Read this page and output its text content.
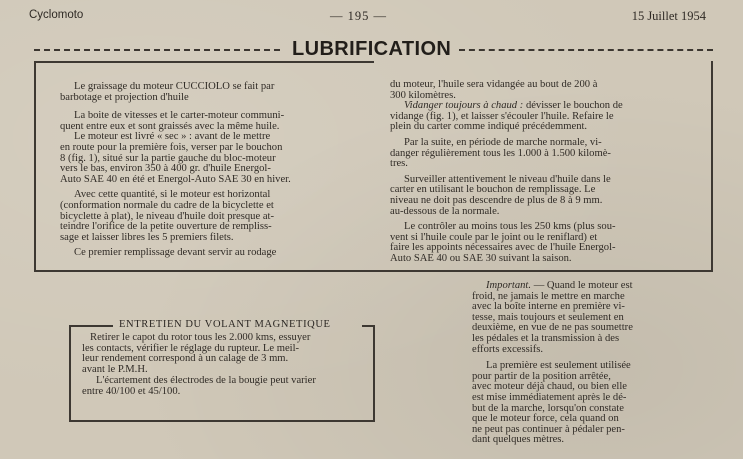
Cyclomoto	— 195 —	15 Juillet 1954
LUBRIFICATION

Le graissage du moteur CUCCIOLO se fait par
barbotage et projection d'huile

La boite de vitesses et le carter-moteur communi-
quent entre eux et sont graissés avec la même huile.

Le moteur est livré « sec » : avant de le mettre
en route pour la première fois, verser par le bouchon
8 (fig. 1), situé sur la partie gauche du bloc-moteur
vers le bas, environ 350 à 400 gr. d'huile Energol-
Auto SAE 40 en été et Energol-Auto SAE 30 en hiver.

Avec cette quantité, si le moteur est horizontal
(conformation normale du cadre de la bicyclette et
bicyclette à plat), le niveau d'huile doit presque at-
teindre l'orifice de la petite ouverture de rempliss-
sage et laisser libres les 5 premiers filets.

Ce premier remplissage devant servir au rodage

du moteur, l'huile sera vidangée au bout de 200 à
300 kilomètres.

Vidanger toujours à chaud : dévisser le bouchon de
vidange (fig. 1), et laisser s'écouler l'huile. Refaire le
plein du carter comme indiqué précédemment.

Par la suite, en période de marche normale, vi-
danger régulièrement tous les 1.000 à 1.500 kilomè-
tres.

Surveiller attentivement le niveau d'huile dans le
carter en utilisant le bouchon de remplissage. Le
niveau ne doit pas descendre de plus de 8 à 9 mm.
au-dessous de la normale.

Le contrôler au moins tous les 250 kms (plus sou-
vent si l'huile coule par le joint ou le reniflard) et
faire les appoints nécessaires avec de l'huile Energol-
Auto SAE 40 ou SAE 30 suivant la saison.

Important. — Quand le moteur est
froid, ne jamais le mettre en marche
avec la boîte interne en première vi-
tesse, mais toujours et seulement en
deuxième, en vue de ne pas soumettre
les pédales et la transmission à des
efforts excessifs.

La première est seulement utilisée
pour partir de la position arrêtée,
avec moteur déjà chaud, ou bien elle
est mise immédiatement après le dé-
but de la marche, lorsqu'on constate
que le moteur force, cela quand on
ne peut pas continuer à pédaler pen-
dant quelques mètres.

ENTRETIEN DU VOLANT MAGNETIQUE

Retirer le capot du rotor tous les 2.000 kms, essuyer
les contacts, vérifier le réglage du rupteur. Le meil-
leur rendement correspond à un calage de 3 mm.
avant le P.M.H.

L'écartement des électrodes de la bougie peut varier
entre 40/100 et 45/100.
